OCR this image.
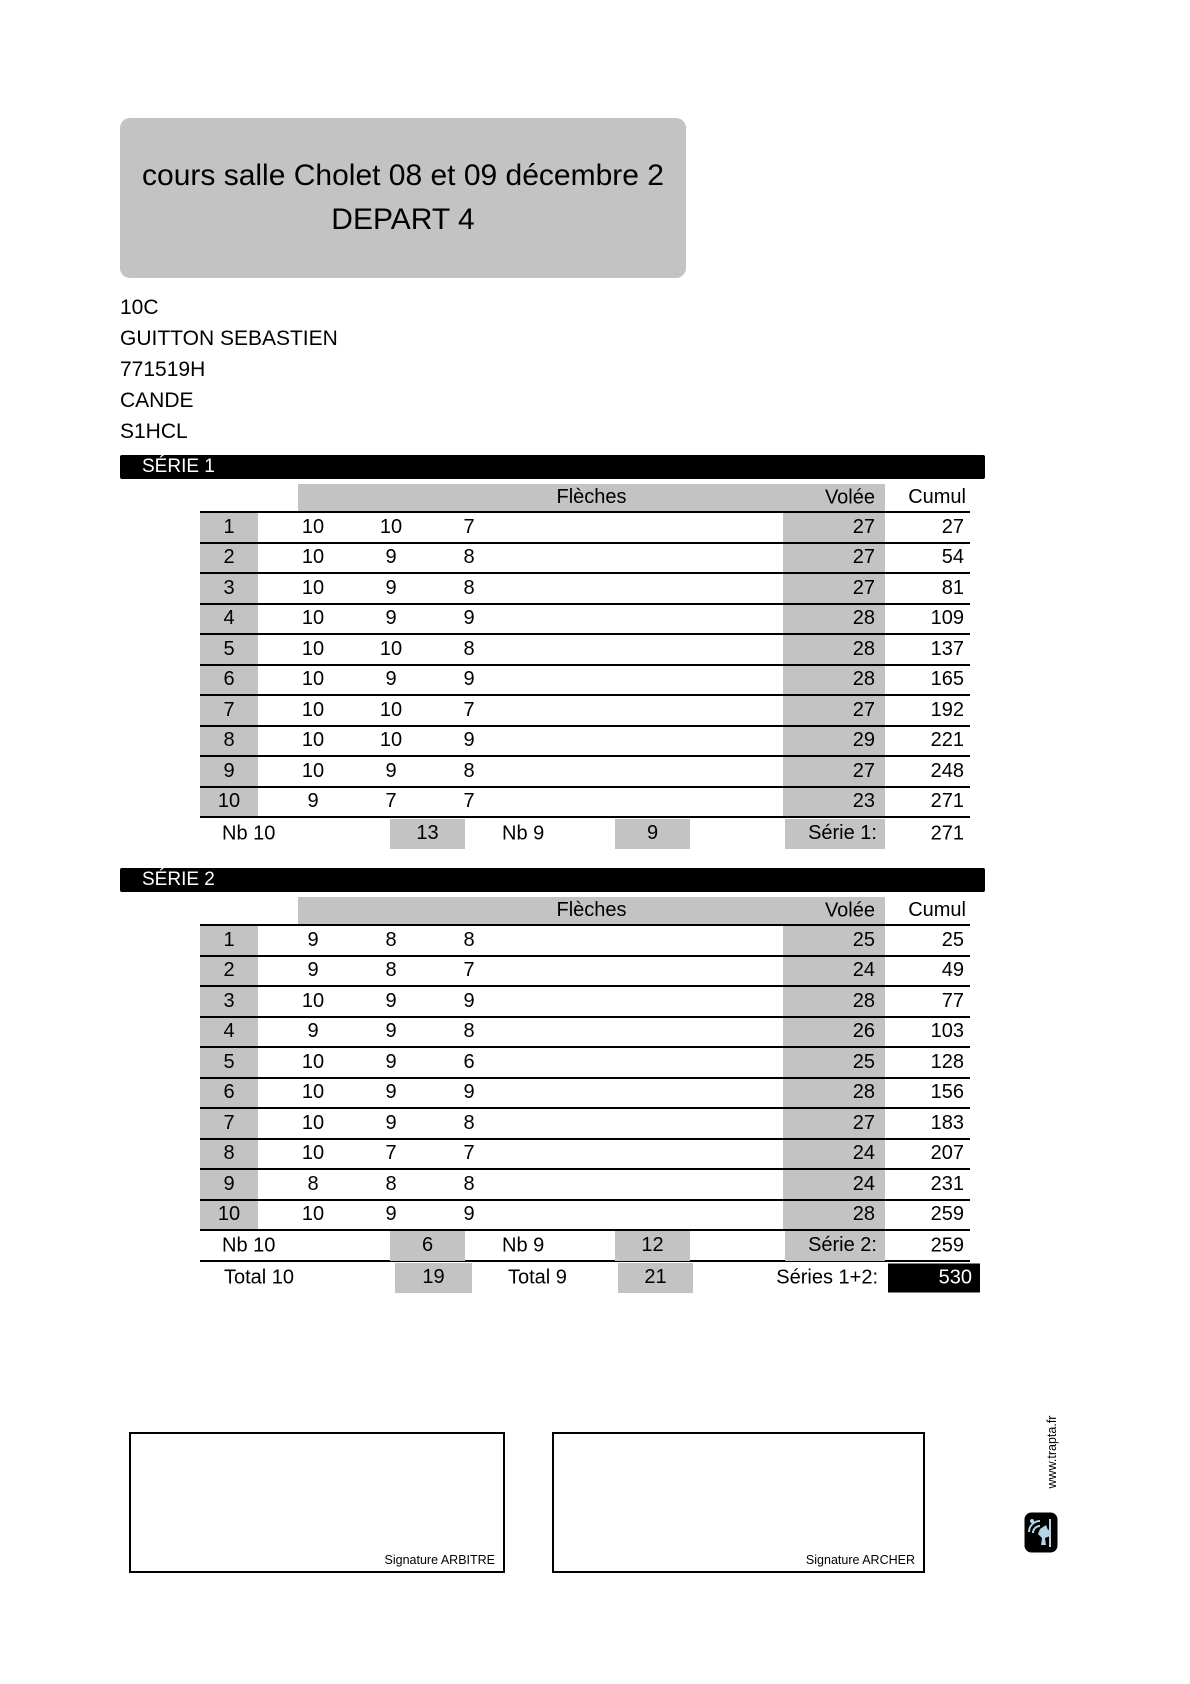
cours salle Cholet 08 et 09 décembre 2
DEPART 4
10C
GUITTON SEBASTIEN
771519H
CANDE
S1HCL
SÉRIE 1
Flèches	Volée	Cumul
1	10	10	7	27	27
2	10	9	8	27	54
3	10	9	8	27	81
4	10	9	9	28	109
5	10	10	8	28	137
6	10	9	9	28	165
7	10	10	7	27	192
8	10	10	9	29	221
9	10	9	8	27	248
10	9	7	7	23	271
Nb 10	13	Nb 9	9	Série 1:	271
SÉRIE 2
Flèches	Volée	Cumul
1	9	8	8	25	25
2	9	8	7	24	49
3	10	9	9	28	77
4	9	9	8	26	103
5	10	9	6	25	128
6	10	9	9	28	156
7	10	9	8	27	183
8	10	7	7	24	207
9	8	8	8	24	231
10	10	9	9	28	259
Nb 10	6	Nb 9	12	Série 2:	259
Total 10	19	Total 9	21	Séries 1+2:	530
Signature ARBITRE	Signature ARCHER
www.trapta.fr
